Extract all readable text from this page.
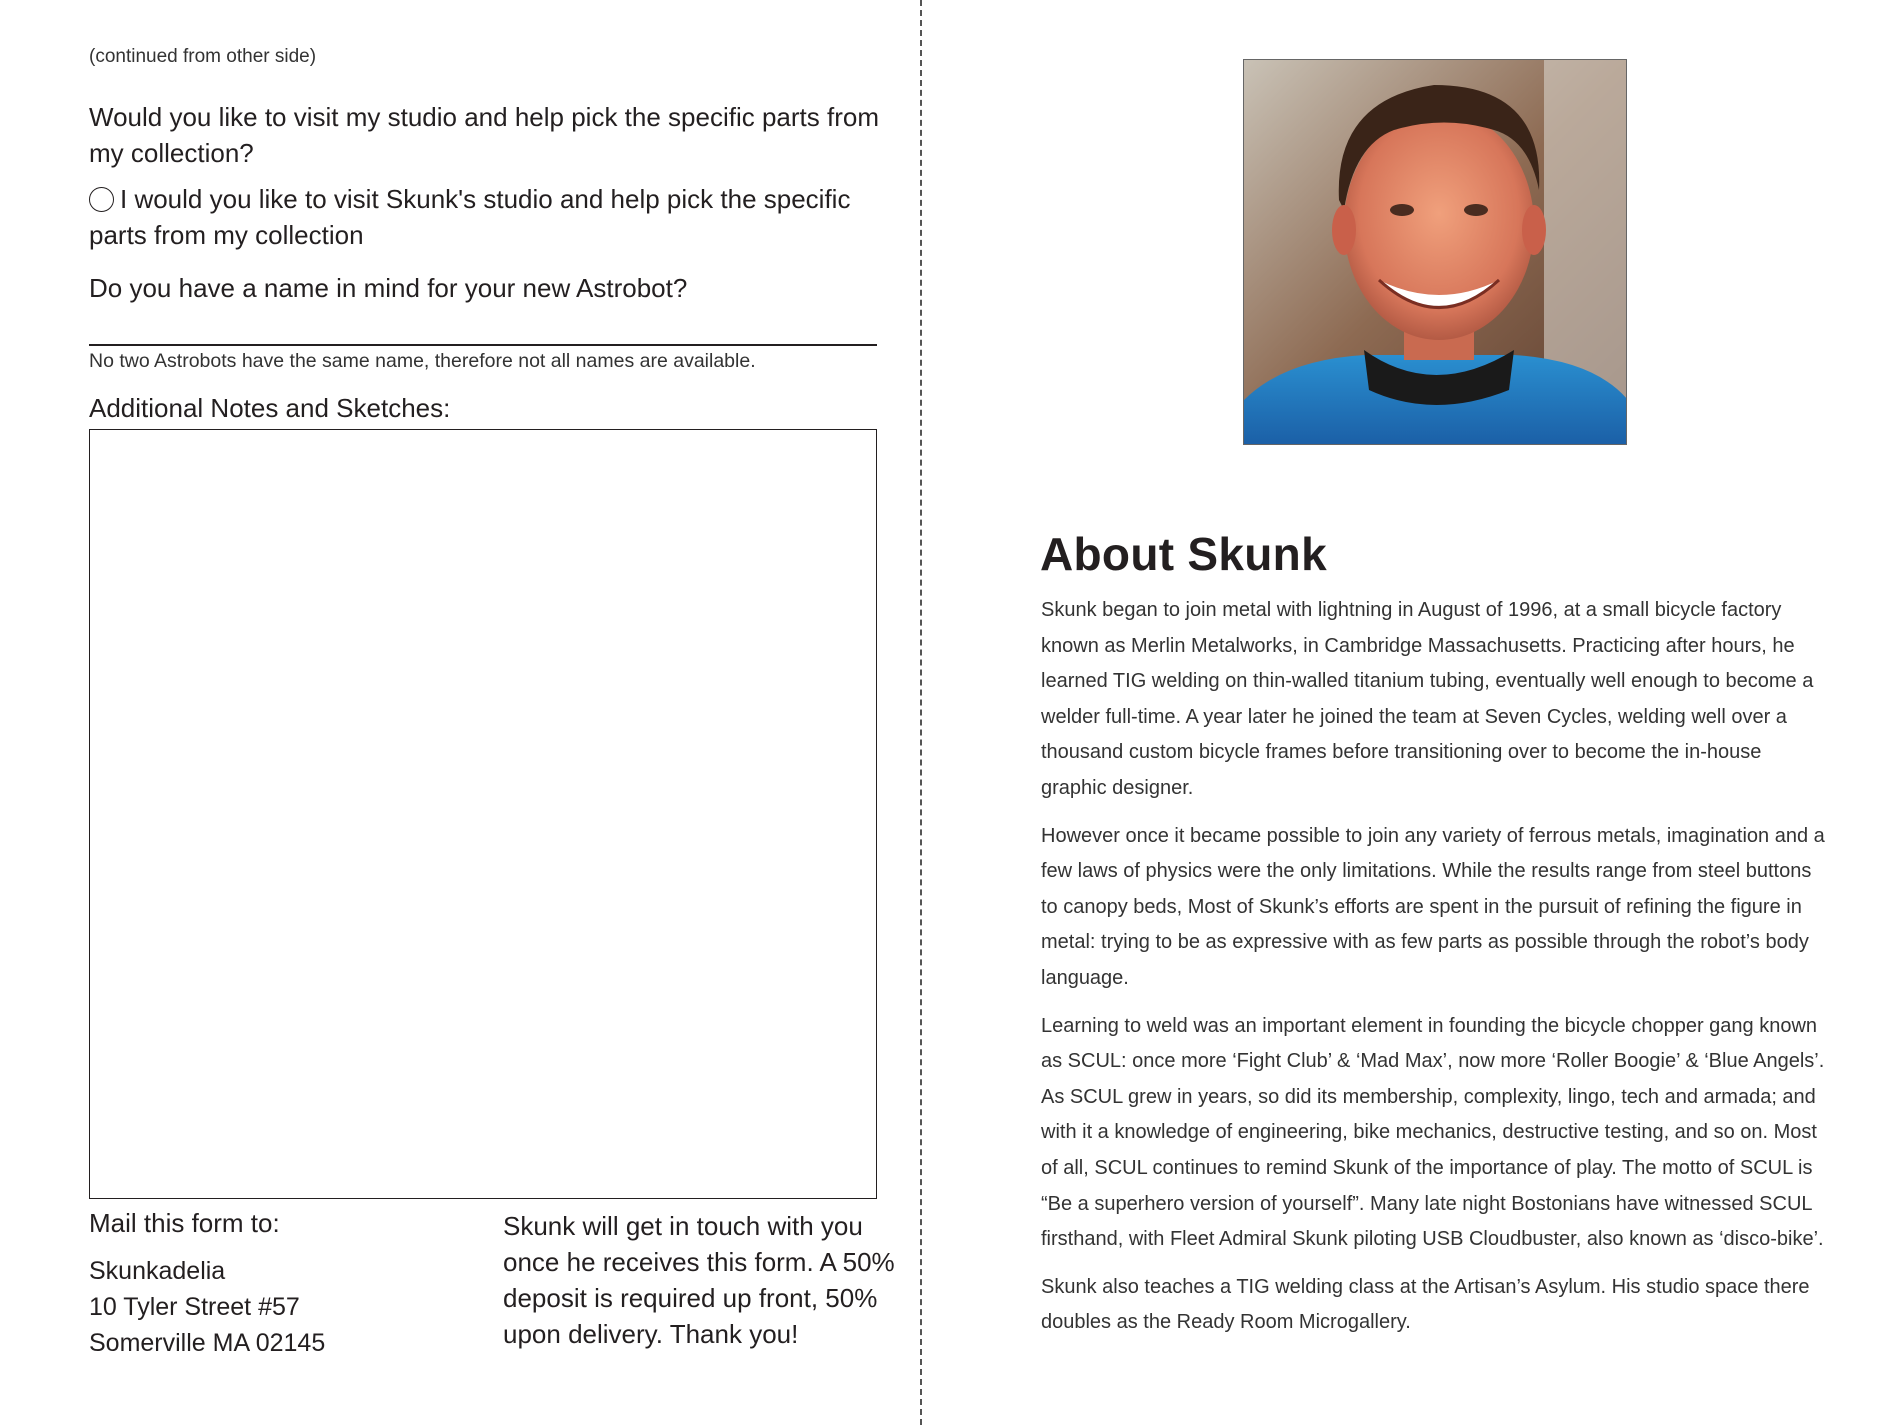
(continued from other side)
Would you like to visit my studio and help pick the specific parts from my collection?
I would you like to visit Skunk's studio and help pick the specific parts from my collection
Do you have a name in mind for your new Astrobot?
No two Astrobots have the same name, therefore not all names are available.
Additional Notes and Sketches:
Mail this form to:
Skunkadelia
10 Tyler Street #57
Somerville MA 02145
Skunk will get in touch with you once he receives this form. A 50% deposit is required up front, 50% upon delivery. Thank you!
About Skunk

Skunk began to join metal with lightning in August of 1996, at a small bicycle factory known as Merlin Metalworks, in Cambridge Massachusetts. Practicing after hours, he learned TIG welding on thin-walled titanium tubing, eventually well enough to become a welder full-time. A year later he joined the team at Seven Cycles, welding well over a thousand custom bicycle frames before transitioning over to become the in-house graphic designer.

However once it became possible to join any variety of ferrous metals, imagination and a few laws of physics were the only limitations. While the results range from steel buttons to canopy beds, Most of Skunk’s efforts are spent in the pursuit of refining the figure in metal: trying to be as expressive with as few parts as possible through the robot’s body language.

Learning to weld was an important element in founding the bicycle chopper gang known as SCUL: once more ‘Fight Club’ & ‘Mad Max’, now more ‘Roller Boogie’ & ‘Blue Angels’. As SCUL grew in years, so did its membership, complexity, lingo, tech and armada; and with it a knowledge of engineering, bike mechanics, destructive testing, and so on. Most of all, SCUL continues to remind Skunk of the importance of play. The motto of SCUL is “Be a superhero version of yourself”. Many late night Bostonians have witnessed SCUL firsthand, with Fleet Admiral Skunk piloting USB Cloudbuster, also known as ‘disco-bike’.

Skunk also teaches a TIG welding class at the Artisan’s Asylum. His studio space there doubles as the Ready Room Microgallery.
